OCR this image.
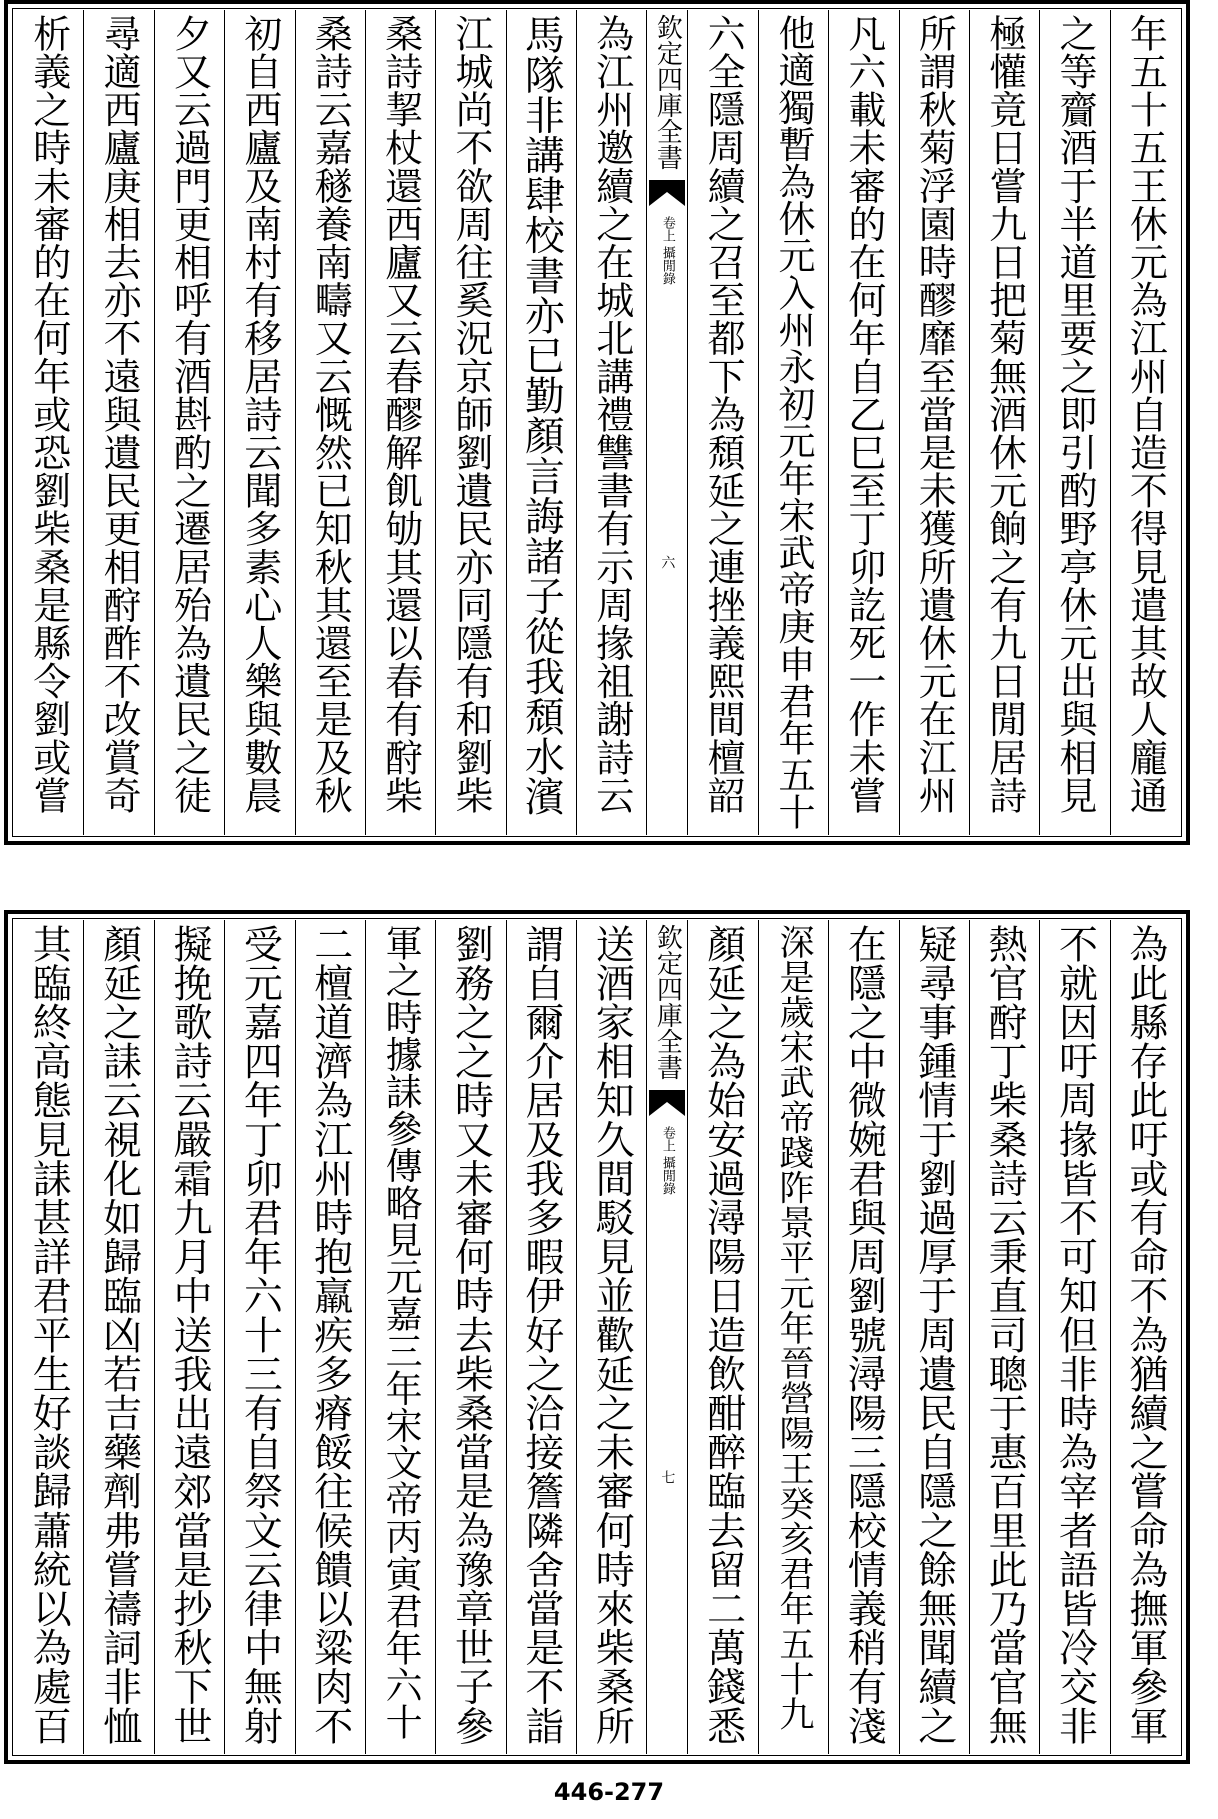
年五十五王休元為江州自造不得見遣其故人龐通
之等齎酒于半道里要之即引酌野亭休元出與相見
極懽竟日嘗九日把菊無酒休元餉之有九日閒居詩
所謂秋菊浮園時醪靡至當是未獲所遺休元在江州
凡六載未審的在何年自乙巳至丁卯訖死一作未嘗
他適獨暫為休元入州永初元年宋武帝庚申君年五十
六全隱周續之召至都下為頹延之連挫義熙間檀韶
欽定四庫全書
攝閒錄
卷上
六
為江州邀續之在城北講禮讐書有示周掾祖謝詩云
馬隊非講肆校書亦已勤顏言誨諸子從我頹水濱
江城尚不欲周往奚況京師劉遺民亦同隱有和劉柴
桑詩挈杖還西廬又云春醪解飢劬其還以春有酧柴
桑詩云嘉穟養南疇又云慨然已知秋其還至是及秋
初自西廬及南村有移居詩云聞多素心人樂與數晨
夕又云過門更相呼有酒斟酌之遷居殆為遺民之徒
尋適西廬庚相去亦不遠與遺民更相酧酢不改賞奇
析義之時未審的在何年或恐劉柴桑是縣令劉或嘗
為此縣存此吁或有命不為猶續之嘗命為撫軍參軍
不就因吁周掾皆不可知但非時為宰者語皆冷交非
熱官酧丁柴桑詩云秉直司聰于惠百里此乃當官無
疑尋事鍾情于劉過厚于周遺民自隱之餘無聞續之
在隱之中微婉君與周劉號潯陽三隱校情義稍有淺
深是歲宋武帝踐阼景平元年晉營陽王癸亥君年五十九
顏延之為始安過潯陽日造飲酣醉臨去留二萬錢悉
欽定四庫全書
攝閒錄
卷上
七
送酒家相知久間駁見並歡延之未審何時來柴桑所
謂自爾介居及我多暇伊好之洽接簷隣舍當是不詣
劉務之之時又未審何時去柴桑當是為豫章世子參
軍之時據誄參傳略見元嘉三年宋文帝丙寅君年六十
二檀道濟為江州時抱羸疾多瘠餒往候饋以粱肉不
受元嘉四年丁卯君年六十三有自祭文云律中無射
擬挽歌詩云嚴霜九月中送我出遠郊當是抄秋下世
顏延之誄云視化如歸臨凶若吉藥劑弗嘗禱詞非恤
其臨終高態見誄甚詳君平生好談歸蕭統以為處百
446-277
